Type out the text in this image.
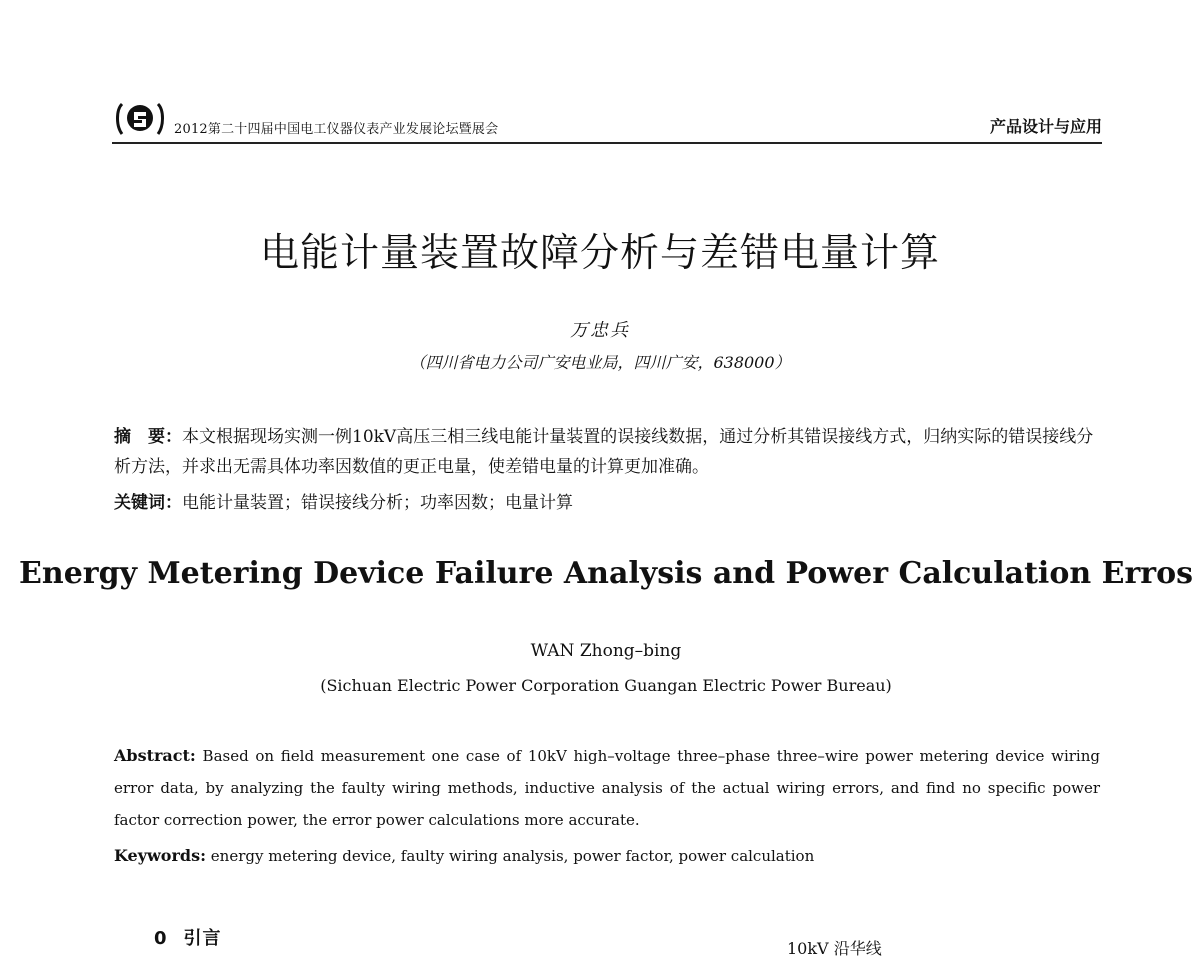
2012第二十四届中国电工仪器仪表产业发展论坛暨展会	产品设计与应用
电能计量装置故障分析与差错电量计算
万忠兵
（四川省电力公司广安电业局，四川广安，638000）
摘　要：本文根据现场实测一例10kV高压三相三线电能计量装置的误接线数据，通过分析其错误接线方式，归纳实际的错误接线分析方法，并求出无需具体功率因数值的更正电量，使差错电量的计算更加准确。
关键词：电能计量装置；错误接线分析；功率因数；电量计算
Energy Metering Device Failure Analysis and Power Calculation Erros
WAN Zhong–bing
(Sichuan Electric Power Corporation Guangan Electric Power Bureau)
Abstract: Based on field measurement one case of 10kV high–voltage three–phase three–wire power metering device wiring error data, by analyzing the faulty wiring methods, inductive analysis of the actual wiring errors, and find no specific power factor correction power, the error power calculations more accurate.
Keywords: energy metering device, faulty wiring analysis, power factor, power calculation
0 引言	10kV 沿华线
